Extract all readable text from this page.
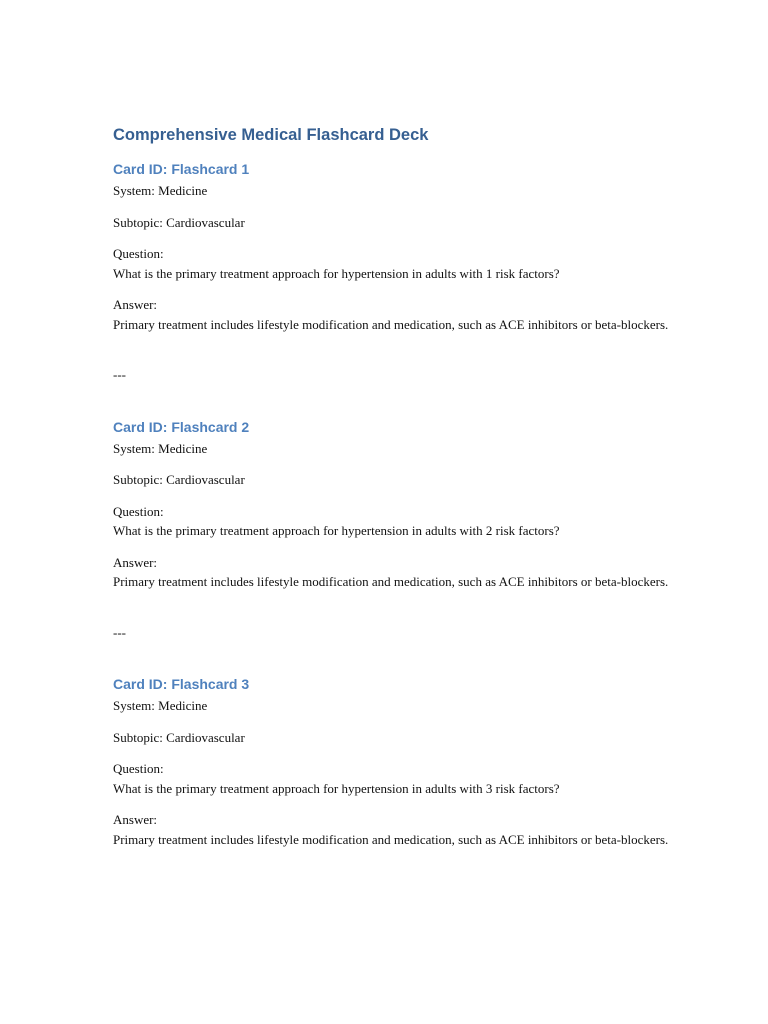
Comprehensive Medical Flashcard Deck
Card ID: Flashcard 1

System: Medicine

Subtopic: Cardiovascular

Question:

What is the primary treatment approach for hypertension in adults with 1 risk factors?

Answer:

Primary treatment includes lifestyle modification and medication, such as ACE inhibitors or beta-blockers.

---
Card ID: Flashcard 2

System: Medicine

Subtopic: Cardiovascular

Question:

What is the primary treatment approach for hypertension in adults with 2 risk factors?

Answer:

Primary treatment includes lifestyle modification and medication, such as ACE inhibitors or beta-blockers.

---
Card ID: Flashcard 3

System: Medicine

Subtopic: Cardiovascular

Question:

What is the primary treatment approach for hypertension in adults with 3 risk factors?

Answer:

Primary treatment includes lifestyle modification and medication, such as ACE inhibitors or beta-blockers.
